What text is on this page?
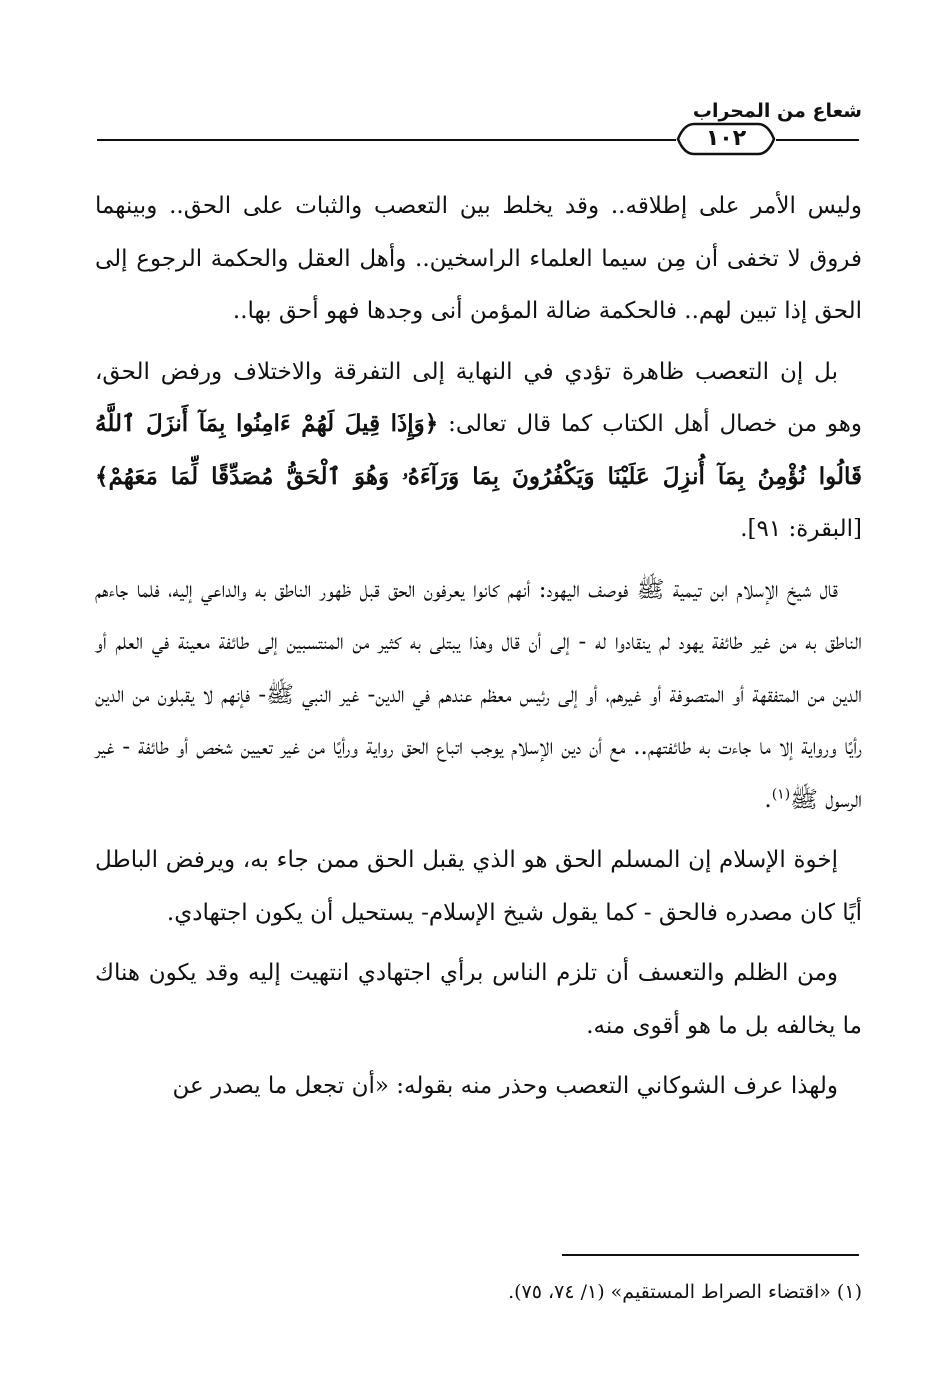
شعاع من المحراب
١٠٢

وليس الأمر على إطلاقه.. وقد يخلط بين التعصب والثبات على الحق.. وبينهما فروق لا تخفى أن مِن سيما العلماء الراسخين.. وأهل العقل والحكمة الرجوع إلى الحق إذا تبين لهم.. فالحكمة ضالة المؤمن أنى وجدها فهو أحق بها..

بل إن التعصب ظاهرة تؤدي في النهاية إلى التفرقة والاختلاف ورفض الحق، وهو من خصال أهل الكتاب كما قال تعالى: ﴿وَإِذَا قِيلَ لَهُمْ ءَامِنُوا بِمَآ أَنزَلَ ٱللَّهُ قَالُوا نُؤْمِنُ بِمَآ أُنزِلَ عَلَيْنَا وَيَكْفُرُونَ بِمَا وَرَآءَهُۥ وَهُوَ ٱلْحَقُّ مُصَدِّقًا لِّمَا مَعَهُمْ﴾ [البقرة: ٩١].

قال شيخ الإسلام ابن تيمية ﷺ فوصف اليهود: أنهم كانوا يعرفون الحق قبل ظهور الناطق به والداعي إليه، فلما جاءهم الناطق به من غير طائفة يهود لم ينقادوا له - إلى أن قال وهذا يبتلى به كثير من المنتسبين إلى طائفة معينة في العلم أو الدين من المتفقهة أو المتصوفة أو غيرهم، أو إلى رئيس معظم عندهم في الدين- غير النبي ﷺ- فإنهم لا يقبلون من الدين رأيًا ورواية إلا ما جاءت به طائفتهم.. مع أن دين الإسلام يوجب اتباع الحق رواية ورأيًا من غير تعيين شخص أو طائفة - غير الرسول ﷺ$^{(١)}$.

إخوة الإسلام إن المسلم الحق هو الذي يقبل الحق ممن جاء به، ويرفض الباطل أيًا كان مصدره فالحق - كما يقول شيخ الإسلام- يستحيل أن يكون اجتهادي.

ومن الظلم والتعسف أن تلزم الناس برأي اجتهادي انتهيت إليه وقد يكون هناك ما يخالفه بل ما هو أقوى منه.

ولهذا عرف الشوكاني التعصب وحذر منه بقوله: «أن تجعل ما يصدر عن

(١) «اقتضاء الصراط المستقيم» (١/ ٧٤، ٧٥).
